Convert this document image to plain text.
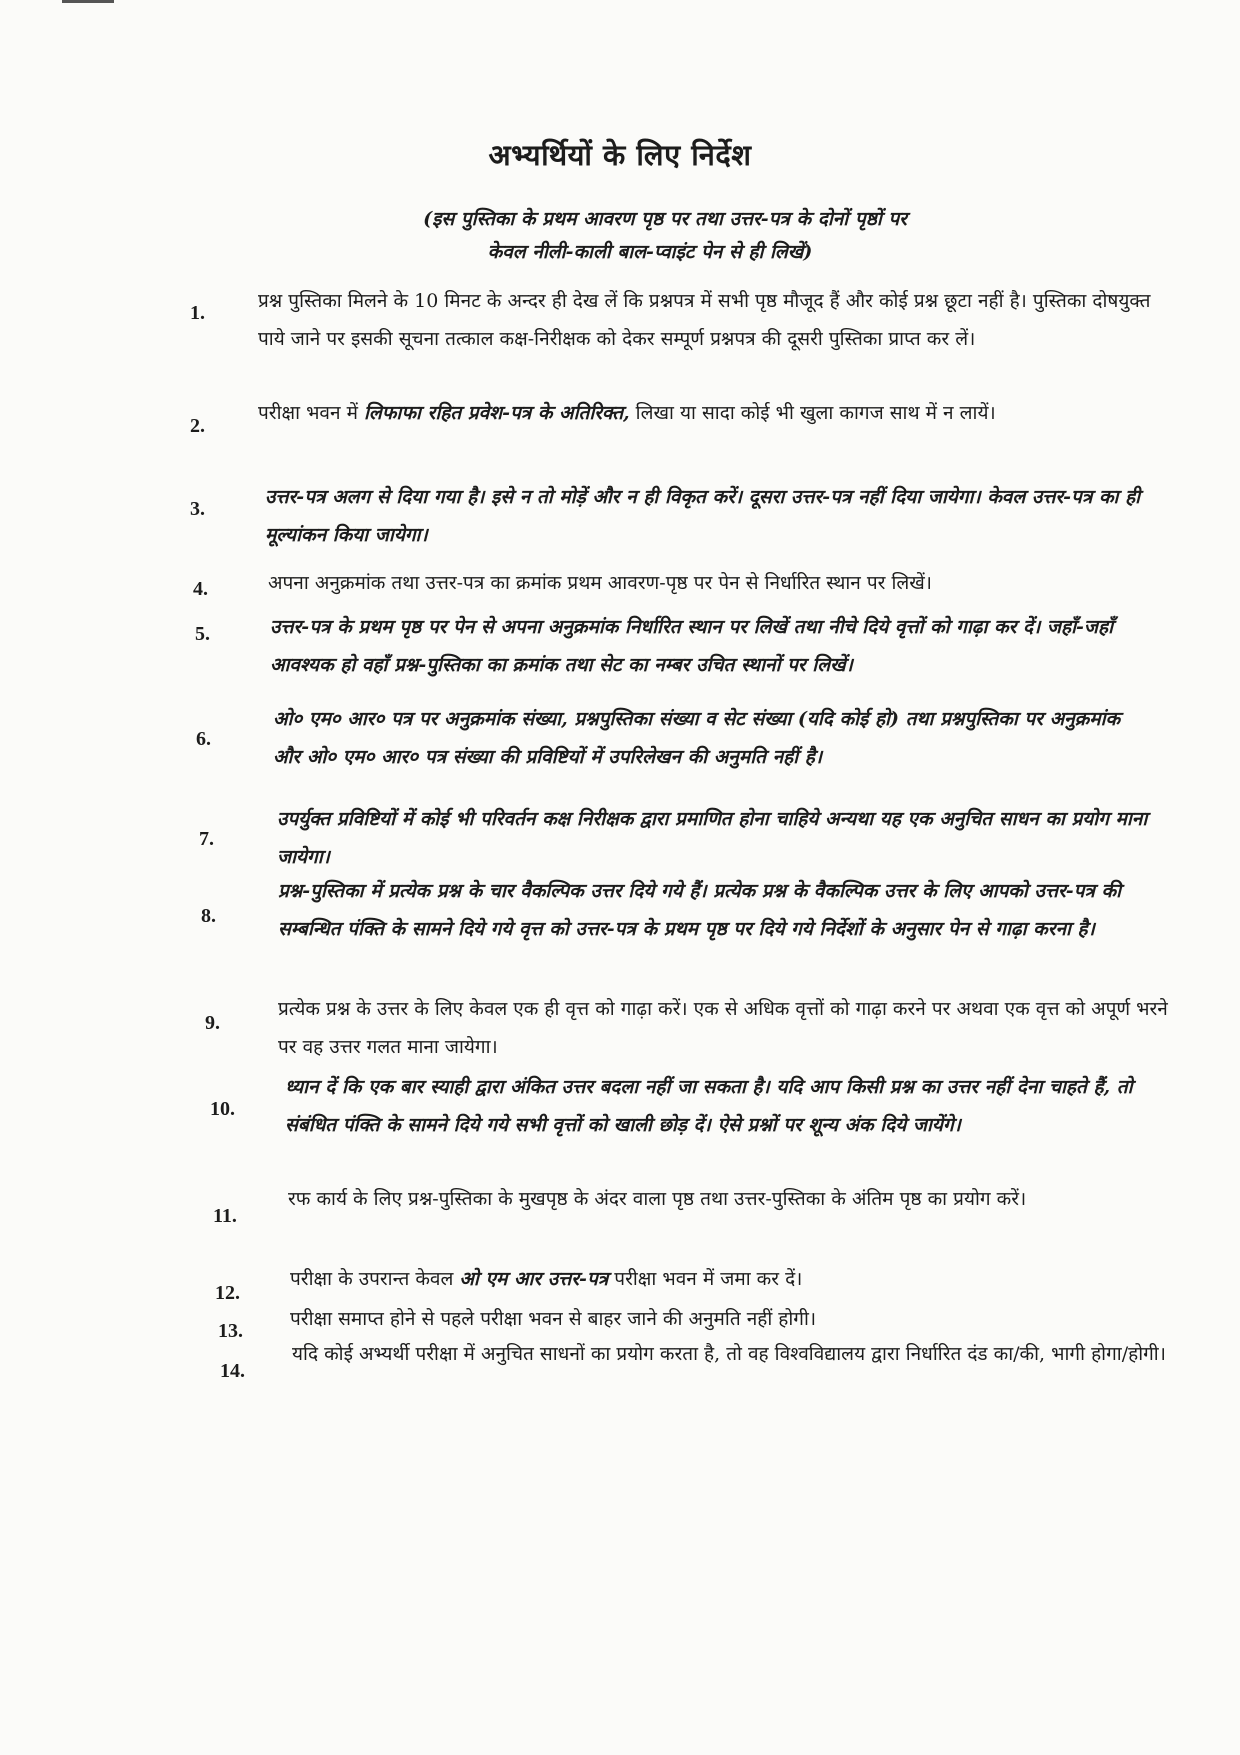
अभ्यर्थियों के लिए निर्देश
(इस पुस्तिका के प्रथम आवरण पृष्ठ पर तथा उत्तर-पत्र के दोनों पृष्ठों पर
केवल नीली-काली बाल-प्वाइंट पेन से ही लिखें)
1.
प्रश्न पुस्तिका मिलने के 10 मिनट के अन्दर ही देख लें कि प्रश्नपत्र में सभी पृष्ठ मौजूद हैं और कोई प्रश्न छूटा नहीं है। पुस्तिका दोषयुक्त पाये जाने पर इसकी सूचना तत्काल कक्ष-निरीक्षक को देकर सम्पूर्ण प्रश्नपत्र की दूसरी पुस्तिका प्राप्त कर लें।
2.
परीक्षा भवन में लिफाफा रहित प्रवेश-पत्र के अतिरिक्त, लिखा या सादा कोई भी खुला कागज साथ में न लायें।
3.
उत्तर-पत्र अलग से दिया गया है। इसे न तो मोड़ें और न ही विकृत करें। दूसरा उत्तर-पत्र नहीं दिया जायेगा। केवल उत्तर-पत्र का ही मूल्यांकन किया जायेगा।
4.	अपना अनुक्रमांक तथा उत्तर-पत्र का क्रमांक प्रथम आवरण-पृष्ठ पर पेन से निर्धारित स्थान पर लिखें।
5.	उत्तर-पत्र के प्रथम पृष्ठ पर पेन से अपना अनुक्रमांक निर्धारित स्थान पर लिखें तथा नीचे दिये वृत्तों को गाढ़ा कर दें। जहाँ-जहाँ आवश्यक हो वहाँ प्रश्न-पुस्तिका का क्रमांक तथा सेट का नम्बर उचित स्थानों पर लिखें।
6.
ओ० एम० आर० पत्र पर अनुक्रमांक संख्या, प्रश्नपुस्तिका संख्या व सेट संख्या (यदि कोई हो) तथा प्रश्नपुस्तिका पर अनुक्रमांक और ओ० एम० आर० पत्र संख्या की प्रविष्टियों में उपरिलेखन की अनुमति नहीं है।
7.
उपर्युक्त प्रविष्टियों में कोई भी परिवर्तन कक्ष निरीक्षक द्वारा प्रमाणित होना चाहिये अन्यथा यह एक अनुचित साधन का प्रयोग माना जायेगा।
8.
प्रश्न-पुस्तिका में प्रत्येक प्रश्न के चार वैकल्पिक उत्तर दिये गये हैं। प्रत्येक प्रश्न के वैकल्पिक उत्तर के लिए आपको उत्तर-पत्र की सम्बन्धित पंक्ति के सामने दिये गये वृत्त को उत्तर-पत्र के प्रथम पृष्ठ पर दिये गये निर्देशों के अनुसार पेन से गाढ़ा करना है।
9.
प्रत्येक प्रश्न के उत्तर के लिए केवल एक ही वृत्त को गाढ़ा करें। एक से अधिक वृत्तों को गाढ़ा करने पर अथवा एक वृत्त को अपूर्ण भरने पर वह उत्तर गलत माना जायेगा।
10.
ध्यान दें कि एक बार स्याही द्वारा अंकित उत्तर बदला नहीं जा सकता है। यदि आप किसी प्रश्न का उत्तर नहीं देना चाहते हैं, तो संबंधित पंक्ति के सामने दिये गये सभी वृत्तों को खाली छोड़ दें। ऐसे प्रश्नों पर शून्य अंक दिये जायेंगे।
11.
रफ कार्य के लिए प्रश्न-पुस्तिका के मुखपृष्ठ के अंदर वाला पृष्ठ तथा उत्तर-पुस्तिका के अंतिम पृष्ठ का प्रयोग करें।
12.
परीक्षा के उपरान्त केवल ओ एम आर उत्तर-पत्र परीक्षा भवन में जमा कर दें।
13.
परीक्षा समाप्त होने से पहले परीक्षा भवन से बाहर जाने की अनुमति नहीं होगी।
14.
यदि कोई अभ्यर्थी परीक्षा में अनुचित साधनों का प्रयोग करता है, तो वह विश्वविद्यालय द्वारा निर्धारित दंड का/की, भागी होगा/होगी।
